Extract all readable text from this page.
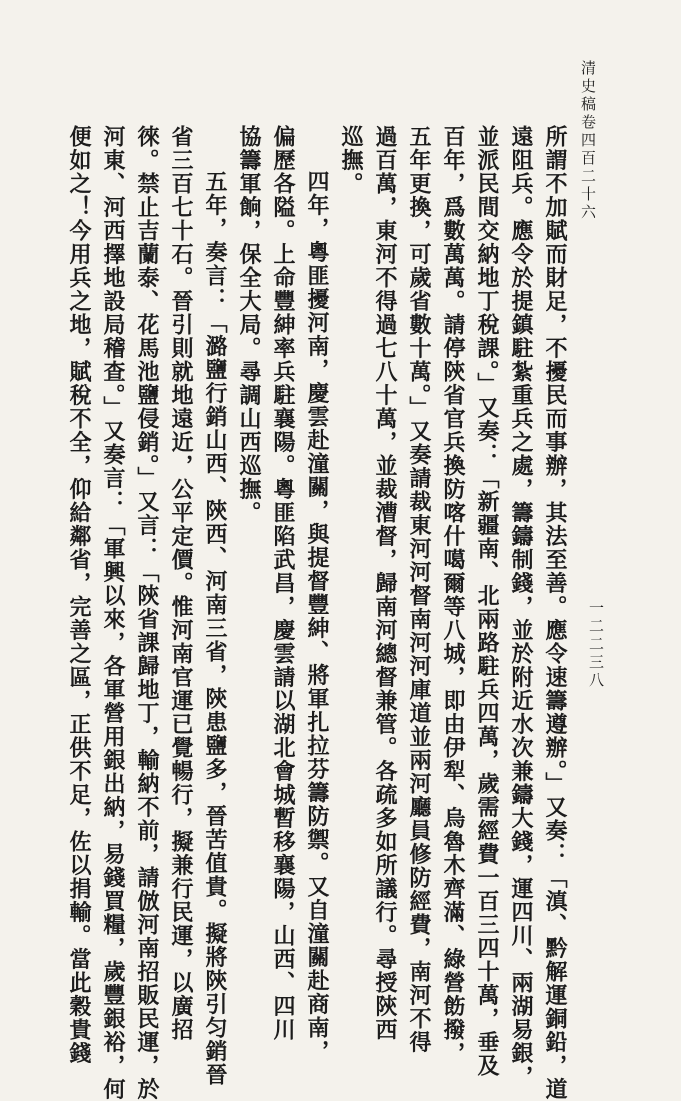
清史稿卷四百二十六
一二二三八
所謂不加賦而財足，不擾民而事辦，其法至善。應令速籌遵辦。」又奏：「滇、黔解運銅鉛，道
遠阻兵。應令於提鎮駐紮重兵之處，籌鑄制錢，並於附近水次兼鑄大錢，運四川、兩湖易銀，
並派民間交納地丁稅課。」又奏：「新疆南、北兩路駐兵四萬，歲需經費一百三四十萬，垂及
百年，爲數萬萬。請停陝省官兵換防喀什噶爾等八城，即由伊犁、烏魯木齊滿、綠營飭撥，
五年更換，可歲省數十萬。」又奏請裁東河河督南河河庫道並兩河廳員修防經費，南河不得
過百萬，東河不得過七八十萬，並裁漕督，歸南河總督兼管。各疏多如所議行。尋授陝西
巡撫。
四年，粵匪擾河南，慶雲赴潼關，與提督豐紳、將軍扎拉芬籌防禦。又自潼關赴商南，
偏歷各隘。上命豐紳率兵駐襄陽。粵匪陷武昌，慶雲請以湖北會城暫移襄陽，山西、四川
協籌軍餉，保全大局。尋調山西巡撫。
五年，奏言：「潞鹽行銷山西、陝西、河南三省，陝患鹽多，晉苦值貴。擬將陝引匀銷晉
省三百七十石。晉引則就地遠近，公平定價。惟河南官運已覺暢行，擬兼行民運，以廣招
徠。禁止吉蘭泰、花馬池鹽侵銷。」又言：「陝省課歸地丁，輸納不前，請倣河南招販民運，於
河東、河西擇地設局稽查。」又奏言：「軍興以來，各軍營用銀出納，易錢買糧，歲豐銀裕，何
便如之！今用兵之地，賦稅不全，仰給鄰省，完善之區，正供不足，佐以捐輸。當此穀貴錢
